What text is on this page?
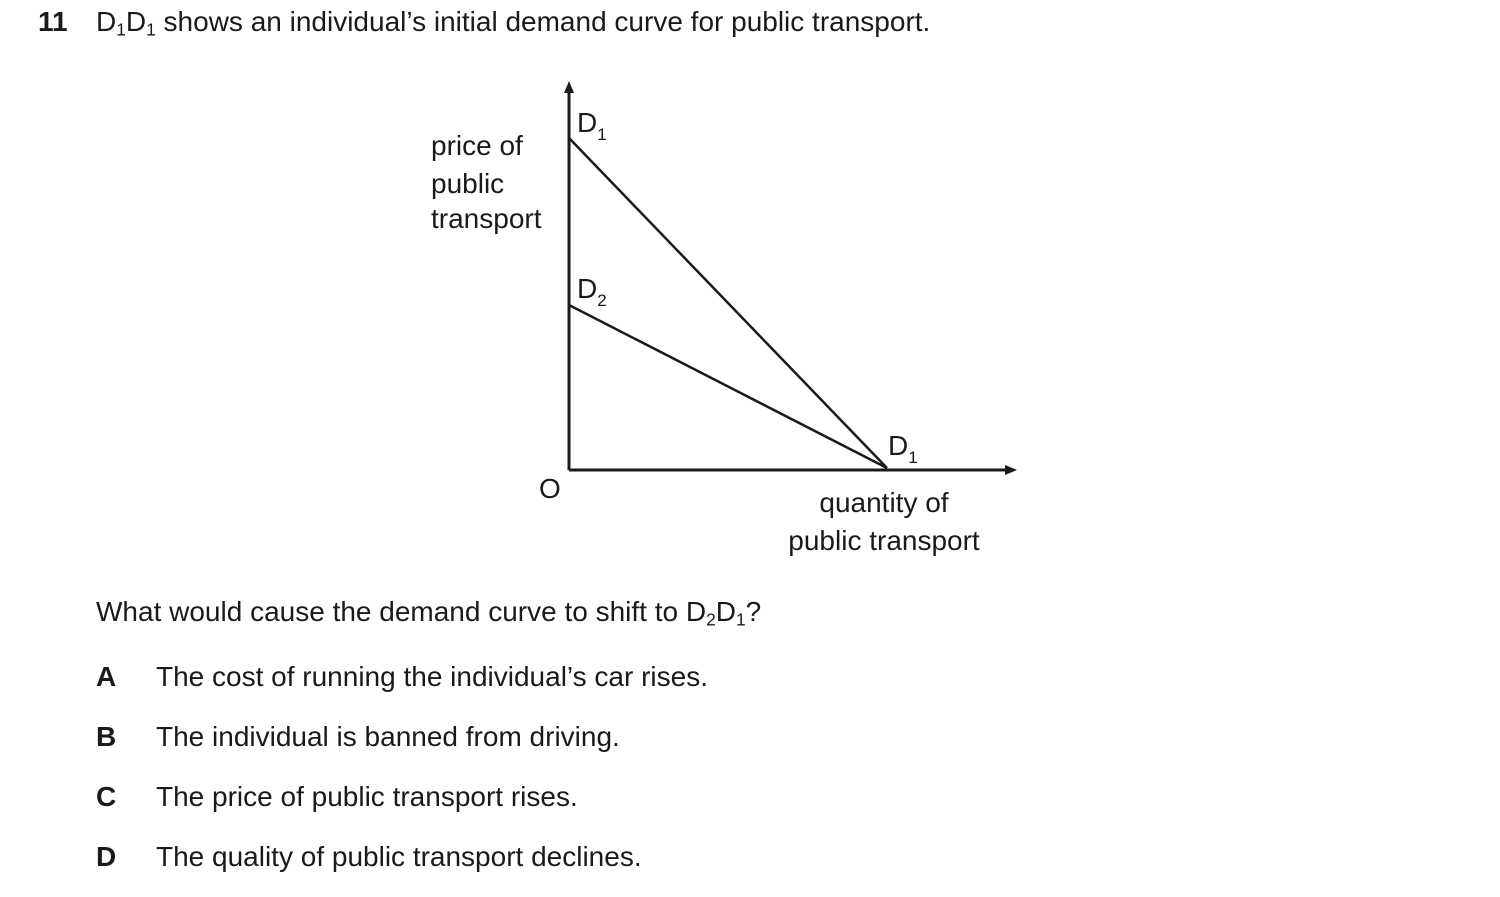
11 $D_1D_1$ shows an individual’s initial demand curve for public transport.
price of
public
transport
O	quantity of
public transport
$D_1$
$D_2$
$D_1$
What would cause the demand curve to shift to $D_2D_1$?
A The cost of running the individual’s car rises.
B The individual is banned from driving.
C The price of public transport rises.
D The quality of public transport declines.
